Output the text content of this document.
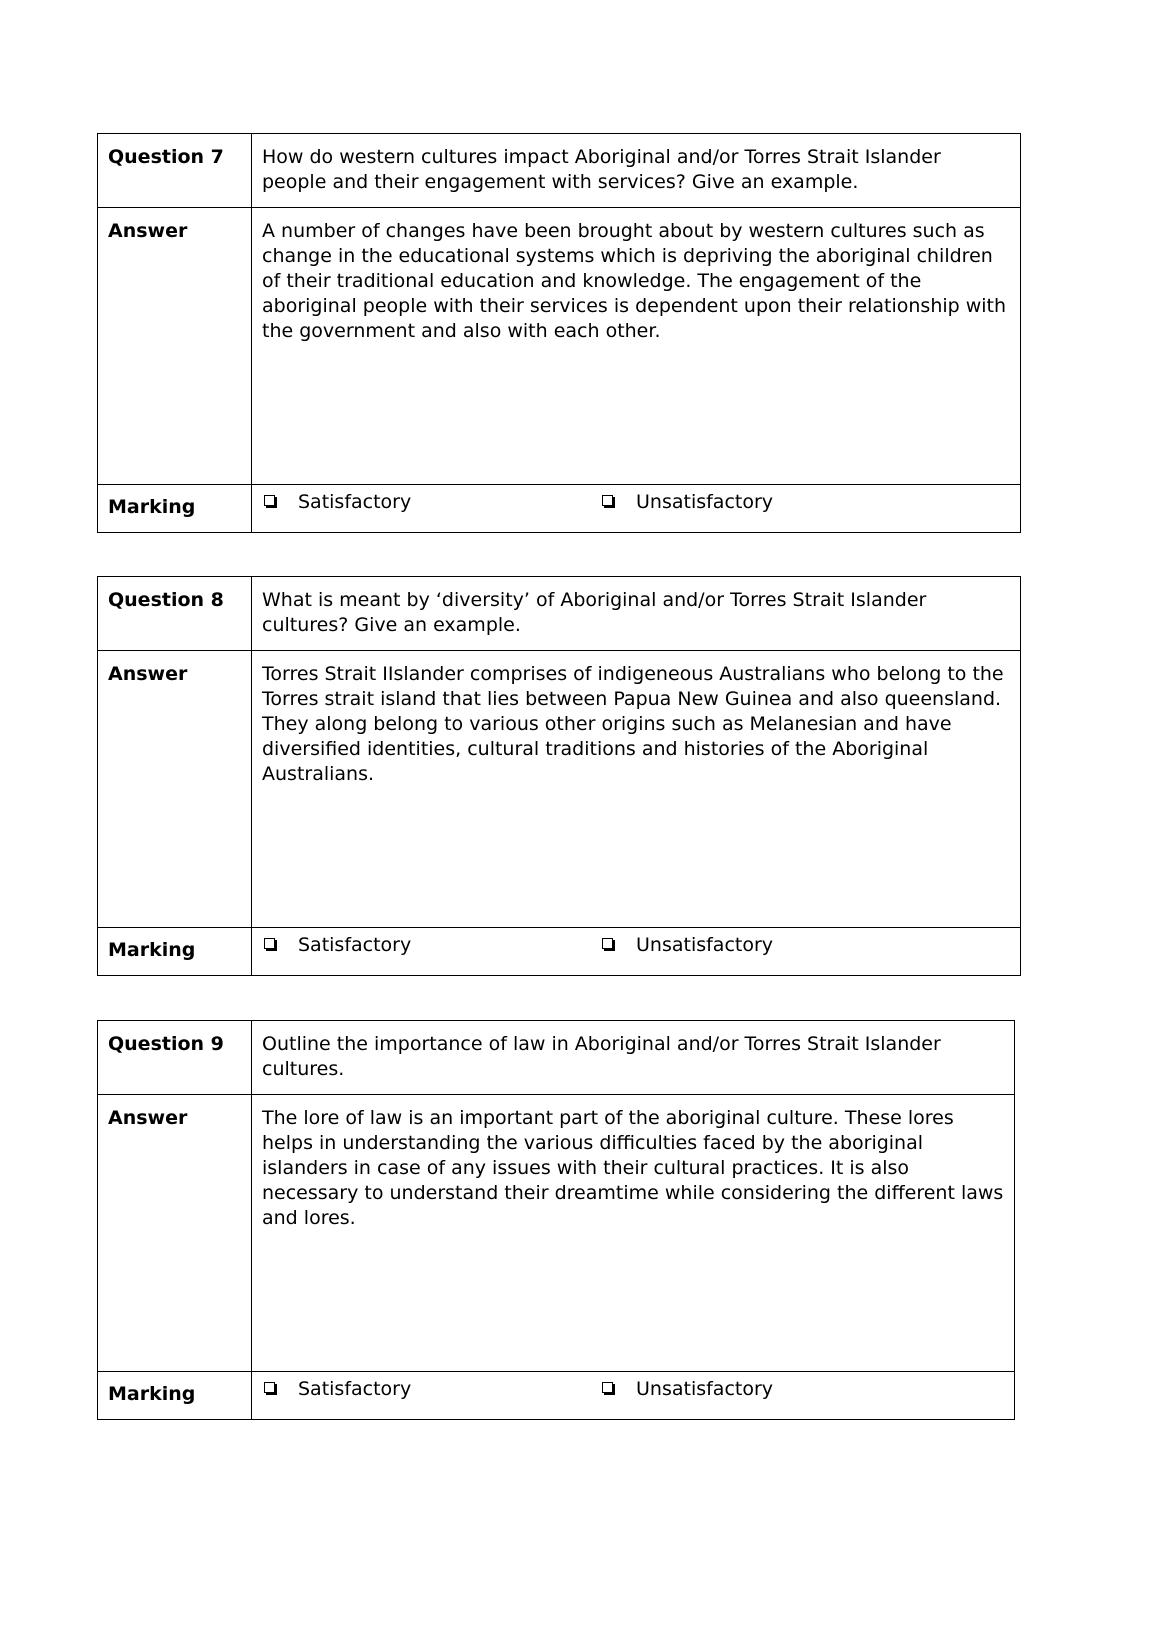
Question 7	How do western cultures impact Aboriginal and/or Torres Strait Islander people and their engagement with services? Give an example.
Answer	A number of changes have been brought about by western cultures such as change in the educational systems which is depriving the aboriginal children of their traditional education and knowledge. The engagement of the aboriginal people with their services is dependent upon their relationship with the government and also with each other.
Marking	Satisfactory Unsatisfactory
Question 8	What is meant by ‘diversity’ of Aboriginal and/or Torres Strait Islander cultures? Give an example.
Answer	Torres Strait IIslander comprises of indigeneous Australians who belong to the Torres strait island that lies between Papua New Guinea and also queensland. They along belong to various other origins such as Melanesian and have diversified identities, cultural traditions and histories of the Aboriginal Australians.
Marking	Satisfactory Unsatisfactory
Question 9	Outline the importance of law in Aboriginal and/or Torres Strait Islander cultures.
Answer	The lore of law is an important part of the aboriginal culture. These lores helps in understanding the various difficulties faced by the aboriginal islanders in case of any issues with their cultural practices. It is also necessary to understand their dreamtime while considering the different laws and lores.
Marking	Satisfactory Unsatisfactory
